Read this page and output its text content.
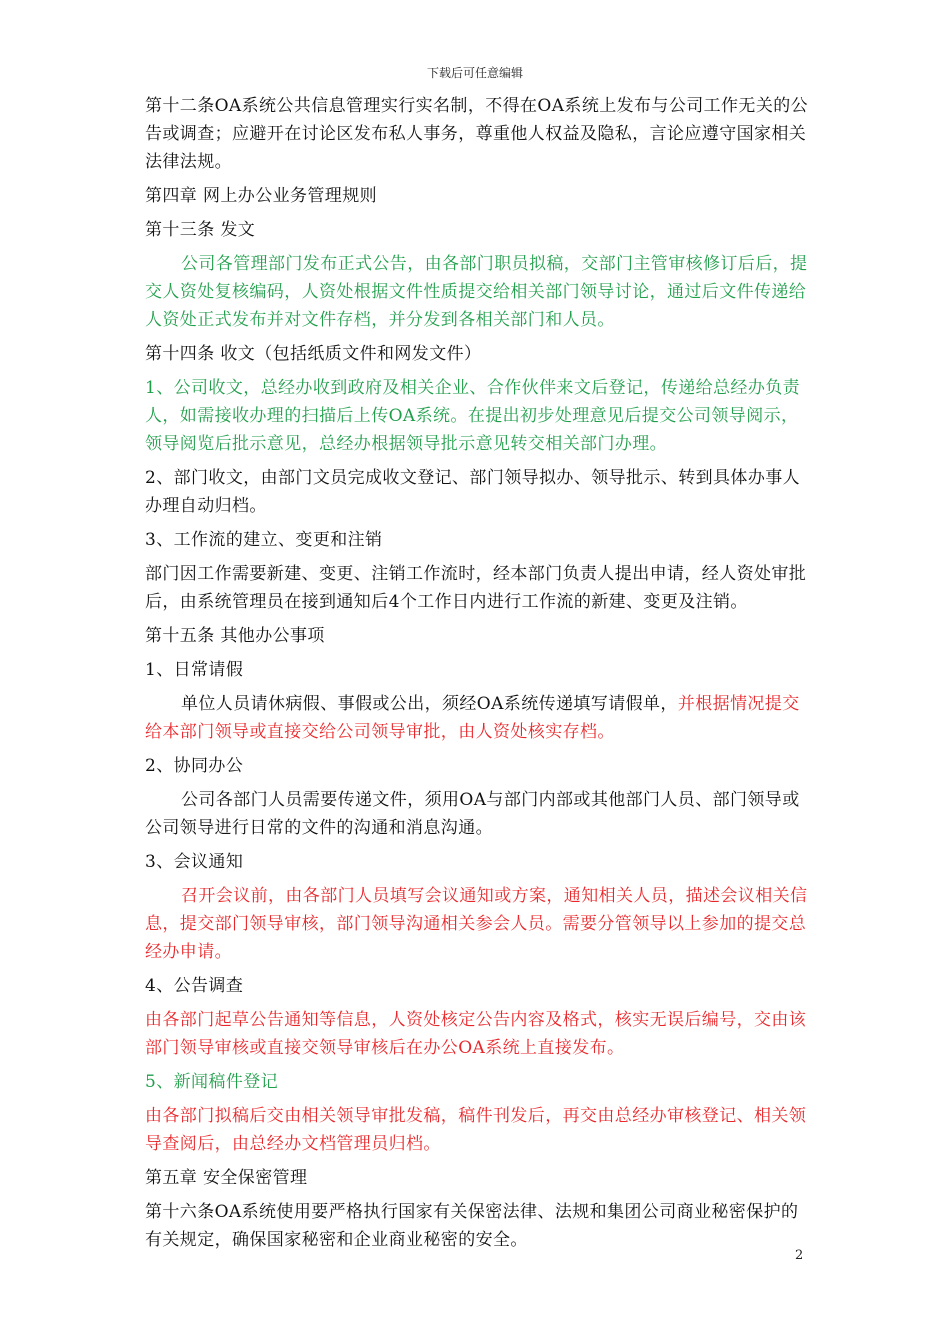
下载后可任意编辑

第十二条OA系统公共信息管理实行实名制，不得在OA系统上发布与公司工作无关的公告或调查；应避开在讨论区发布私人事务，尊重他人权益及隐私，言论应遵守国家相关法律法规。

第四章 网上办公业务管理规则

第十三条 发文

公司各管理部门发布正式公告，由各部门职员拟稿，交部门主管审核修订后后，提交人资处复核编码，人资处根据文件性质提交给相关部门领导讨论，通过后文件传递给人资处正式发布并对文件存档，并分发到各相关部门和人员。

第十四条 收文（包括纸质文件和网发文件）

1、公司收文，总经办收到政府及相关企业、合作伙伴来文后登记，传递给总经办负责人，如需接收办理的扫描后上传OA系统。在提出初步处理意见后提交公司领导阅示，领导阅览后批示意见，总经办根据领导批示意见转交相关部门办理。

2、部门收文，由部门文员完成收文登记、部门领导拟办、领导批示、转到具体办事人办理自动归档。

3、工作流的建立、变更和注销

部门因工作需要新建、变更、注销工作流时，经本部门负责人提出申请，经人资处审批后，由系统管理员在接到通知后4个工作日内进行工作流的新建、变更及注销。

第十五条 其他办公事项

1、日常请假

单位人员请休病假、事假或公出，须经OA系统传递填写请假单，并根据情况提交给本部门领导或直接交给公司领导审批，由人资处核实存档。

2、协同办公

公司各部门人员需要传递文件，须用OA与部门内部或其他部门人员、部门领导或公司领导进行日常的文件的沟通和消息沟通。

3、会议通知

召开会议前，由各部门人员填写会议通知或方案，通知相关人员，描述会议相关信息，提交部门领导审核，部门领导沟通相关参会人员。需要分管领导以上参加的提交总经办申请。

4、公告调查

由各部门起草公告通知等信息，人资处核定公告内容及格式，核实无误后编号，交由该部门领导审核或直接交领导审核后在办公OA系统上直接发布。

5、新闻稿件登记

由各部门拟稿后交由相关领导审批发稿，稿件刊发后，再交由总经办审核登记、相关领导查阅后，由总经办文档管理员归档。

第五章 安全保密管理

第十六条OA系统使用要严格执行国家有关保密法律、法规和集团公司商业秘密保护的有关规定，确保国家秘密和企业商业秘密的安全。

2
